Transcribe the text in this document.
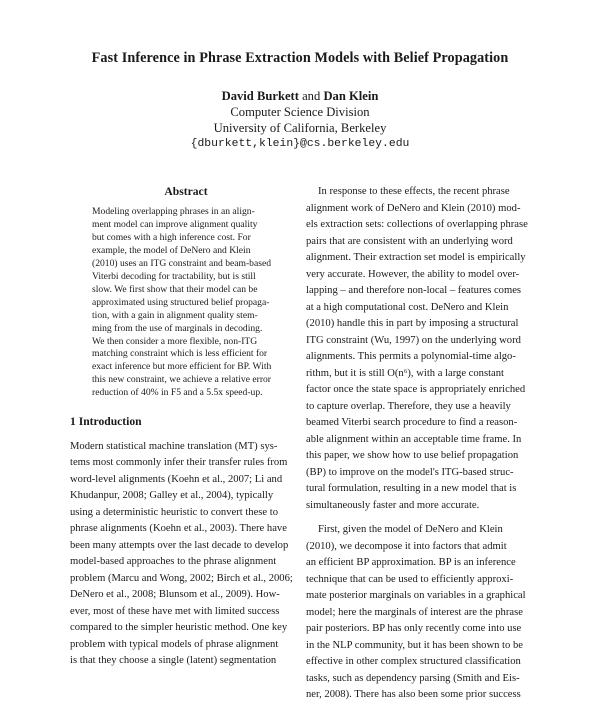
Fast Inference in Phrase Extraction Models with Belief Propagation
David Burkett and Dan Klein
Computer Science Division
University of California, Berkeley
{dburkett,klein}@cs.berkeley.edu
Abstract
Modeling overlapping phrases in an align-
ment model can improve alignment quality
but comes with a high inference cost. For
example, the model of DeNero and Klein
(2010) uses an ITG constraint and beam-based
Viterbi decoding for tractability, but is still
slow. We first show that their model can be
approximated using structured belief propaga-
tion, with a gain in alignment quality stem-
ming from the use of marginals in decoding.
We then consider a more flexible, non-ITG
matching constraint which is less efficient for
exact inference but more efficient for BP. With
this new constraint, we achieve a relative error
reduction of 40% in F5 and a 5.5x speed-up.
1 Introduction
Modern statistical machine translation (MT) sys-
tems most commonly infer their transfer rules from
word-level alignments (Koehn et al., 2007; Li and
Khudanpur, 2008; Galley et al., 2004), typically
using a deterministic heuristic to convert these to
phrase alignments (Koehn et al., 2003). There have
been many attempts over the last decade to develop
model-based approaches to the phrase alignment
problem (Marcu and Wong, 2002; Birch et al., 2006;
DeNero et al., 2008; Blunsom et al., 2009). How-
ever, most of these have met with limited success
compared to the simpler heuristic method. One key
problem with typical models of phrase alignment
is that they choose a single (latent) segmentation
In response to these effects, the recent phrase
alignment work of DeNero and Klein (2010) mod-
els extraction sets: collections of overlapping phrase
pairs that are consistent with an underlying word
alignment. Their extraction set model is empirically
very accurate. However, the ability to model over-
lapping – and therefore non-local – features comes
at a high computational cost. DeNero and Klein
(2010) handle this in part by imposing a structural
ITG constraint (Wu, 1997) on the underlying word
alignments. This permits a polynomial-time algo-
rithm, but it is still O(n⁶), with a large constant
factor once the state space is appropriately enriched
to capture overlap. Therefore, they use a heavily
beamed Viterbi search procedure to find a reason-
able alignment within an acceptable time frame. In
this paper, we show how to use belief propagation
(BP) to improve on the model's ITG-based struc-
tural formulation, resulting in a new model that is
simultaneously faster and more accurate.
First, given the model of DeNero and Klein
(2010), we decompose it into factors that admit
an efficient BP approximation. BP is an inference
technique that can be used to efficiently approxi-
mate posterior marginals on variables in a graphical
model; here the marginals of interest are the phrase
pair posteriors. BP has only recently come into use
in the NLP community, but it has been shown to be
effective in other complex structured classification
tasks, such as dependency parsing (Smith and Eis-
ner, 2008). There has also been some prior success
